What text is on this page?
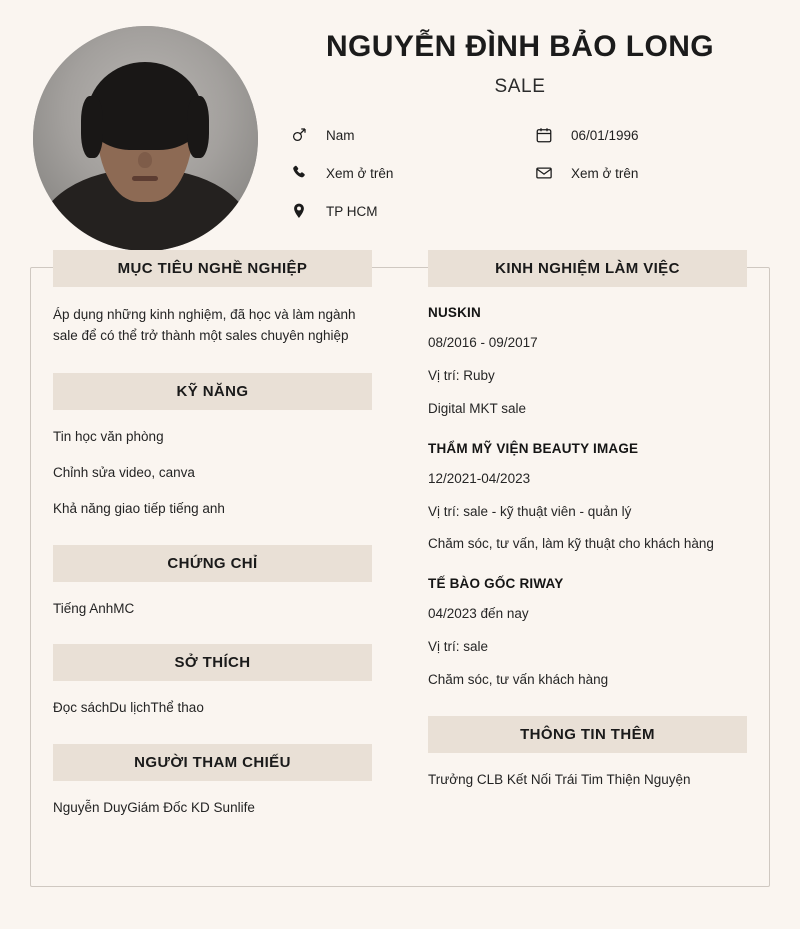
NGUYỄN ĐÌNH BẢO LONG
SALE
Nam	06/01/1996
Xem ở trên	Xem ở trên
TP HCM
MỤC TIÊU NGHỀ NGHIỆP

Áp dụng những kinh nghiệm, đã học và làm ngành sale để có thể trở thành một sales chuyên nghiệp

KỸ NĂNG
Tin học văn phòng
Chỉnh sửa video, canva
Khả năng giao tiếp tiếng anh
CHỨNG CHỈ
Tiếng AnhMC
SỞ THÍCH
Đọc sáchDu lịchThể thao
NGƯỜI THAM CHIẾU
Nguyễn DuyGiám Đốc KD Sunlife
KINH NGHIỆM LÀM VIỆC
NUSKIN
08/2016 - 09/2017
Vị trí: Ruby
Digital MKT sale
THẨM MỸ VIỆN BEAUTY IMAGE
12/2021-04/2023
Vị trí: sale - kỹ thuật viên - quản lý
Chăm sóc, tư vấn, làm kỹ thuật cho khách hàng
TẾ BÀO GỐC RIWAY
04/2023 đến nay
Vị trí: sale
Chăm sóc, tư vấn khách hàng
THÔNG TIN THÊM
Trưởng CLB Kết Nối Trái Tim Thiện Nguyện
